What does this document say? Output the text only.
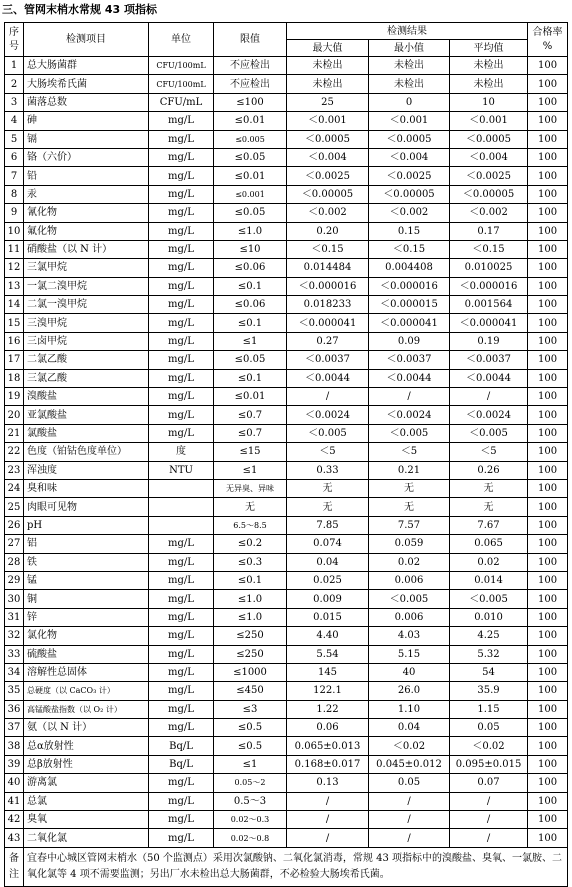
三、管网末梢水常规 43 项指标
序号	检测项目	单位	限值	检测结果			合格率
%

				最大值	最小值	平均值	
1	总大肠菌群	CFU/100mL	不应检出	未检出	未检出	未检出	100
2	大肠埃希氏菌	CFU/100mL	不应检出	未检出	未检出	未检出	100
3	菌落总数	CFU/mL	≤100	25	0	10	100
4	砷	mg/L	≤0.01	＜0.001	＜0.001	＜0.001	100
5	镉	mg/L	≤0.005	＜0.0005	＜0.0005	＜0.0005	100
6	铬（六价）	mg/L	≤0.05	＜0.004	＜0.004	＜0.004	100
7	铅	mg/L	≤0.01	＜0.0025	＜0.0025	＜0.0025	100
8	汞	mg/L	≤0.001	＜0.00005	＜0.00005	＜0.00005	100
9	氰化物	mg/L	≤0.05	＜0.002	＜0.002	＜0.002	100
10	氟化物	mg/L	≤1.0	0.20	0.15	0.17	100
11	硝酸盐（以 N 计）	mg/L	≤10	＜0.15	＜0.15	＜0.15	100
12	三氯甲烷	mg/L	≤0.06	0.014484	0.004408	0.010025	100
13	一氯二溴甲烷	mg/L	≤0.1	＜0.000016	＜0.000016	＜0.000016	100
14	二氯一溴甲烷	mg/L	≤0.06	0.018233	＜0.000015	0.001564	100
15	三溴甲烷	mg/L	≤0.1	＜0.000041	＜0.000041	＜0.000041	100
16	三卤甲烷	mg/L	≤1	0.27	0.09	0.19	100
17	二氯乙酸	mg/L	≤0.05	＜0.0037	＜0.0037	＜0.0037	100
18	三氯乙酸	mg/L	≤0.1	＜0.0044	＜0.0044	＜0.0044	100
19	溴酸盐	mg/L	≤0.01	/	/	/	100
20	亚氯酸盐	mg/L	≤0.7	＜0.0024	＜0.0024	＜0.0024	100
21	氯酸盐	mg/L	≤0.7	＜0.005	＜0.005	＜0.005	100
22	色度（铂钴色度单位）	度	≤15	＜5	＜5	＜5	100
23	浑浊度	NTU	≤1	0.33	0.21	0.26	100
24	臭和味		无异臭、异味	无	无	无	100
25	肉眼可见物		无	无	无	无	100
26	pH		6.5～8.5	7.85	7.57	7.67	100
27	铝	mg/L	≤0.2	0.074	0.059	0.065	100
28	铁	mg/L	≤0.3	0.04	0.02	0.02	100
29	锰	mg/L	≤0.1	0.025	0.006	0.014	100
30	铜	mg/L	≤1.0	0.009	＜0.005	＜0.005	100
31	锌	mg/L	≤1.0	0.015	0.006	0.010	100
32	氯化物	mg/L	≤250	4.40	4.03	4.25	100
33	硫酸盐	mg/L	≤250	5.54	5.15	5.32	100
34	溶解性总固体	mg/L	≤1000	145	40	54	100
35	总硬度（以 CaCO₃ 计）	mg/L	≤450	122.1	26.0	35.9	100
36	高锰酸盐指数（以 O₂ 计）	mg/L	≤3	1.22	1.10	1.15	100
37	氨（以 N 计）	mg/L	≤0.5	0.06	0.04	0.05	100
38	总α放射性	Bq/L	≤0.5	0.065±0.013	＜0.02	＜0.02	100
39	总β放射性	Bq/L	≤1	0.168±0.017	0.045±0.012	0.095±0.015	100
40	游离氯	mg/L	0.05～2	0.13	0.05	0.07	100
41	总氯	mg/L	0.5～3	/	/	/	100
42	臭氧	mg/L	0.02～0.3	/	/	/	100
43	二氧化氯	mg/L	0.02～0.8	/	/	/	100
备注	宜春中心城区管网末梢水（50 个监测点）采用次氯酸钠、二氧化氯消毒，常规 43 项指标中的溴酸盐、臭氧、一氯胺、二氧化氯等 4 项不需要监测；另出厂水未检出总大肠菌群，不必检验大肠埃希氏菌。						
